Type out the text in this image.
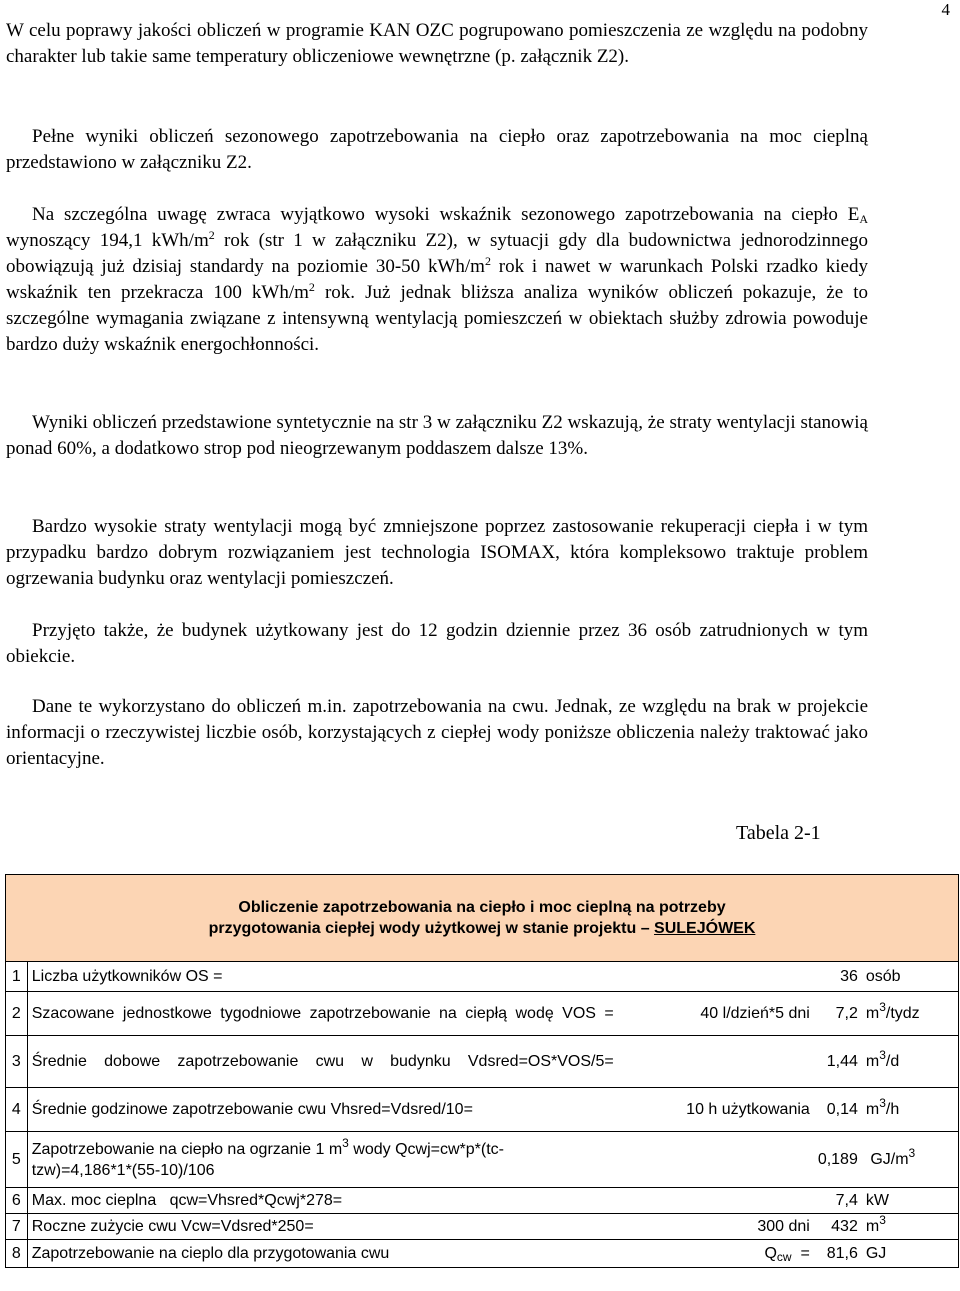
4
W celu poprawy jakości obliczeń w programie KAN OZC pogrupowano pomieszczenia ze względu na podobny charakter lub takie same temperatury obliczeniowe wewnętrzne (p. załącznik Z2).
Pełne wyniki obliczeń sezonowego zapotrzebowania na ciepło oraz zapotrzebowania na moc cieplną przedstawiono w załączniku Z2.
Na szczególna uwagę zwraca wyjątkowo wysoki wskaźnik sezonowego zapotrzebowania na ciepło $E_A$ wynoszący 194,1 kWh/$m^2$ rok (str 1 w załączniku Z2), w sytuacji gdy dla budownictwa jednorodzinnego obowiązują już dzisiaj standardy na poziomie 30-50 kWh/$m^2$ rok i nawet w warunkach Polski rzadko kiedy wskaźnik ten przekracza 100 kWh/$m^2$ rok. Już jednak bliższa analiza wyników obliczeń pokazuje, że to szczególne wymagania związane z intensywną wentylacją pomieszczeń w obiektach służby zdrowia powoduje bardzo duży wskaźnik energochłonności.
Wyniki obliczeń przedstawione syntetycznie na str 3 w załączniku Z2 wskazują, że straty wentylacji stanowią ponad 60%, a dodatkowo strop pod nieogrzewanym poddaszem dalsze 13%.
Bardzo wysokie straty wentylacji mogą być zmniejszone poprzez zastosowanie rekuperacji ciepła i w tym przypadku bardzo dobrym rozwiązaniem jest technologia ISOMAX, która kompleksowo traktuje problem ogrzewania budynku oraz wentylacji pomieszczeń.
Przyjęto także, że budynek użytkowany jest do 12 godzin dziennie przez 36 osób zatrudnionych w tym obiekcie.
Dane te wykorzystano do obliczeń m.in. zapotrzebowania na cwu. Jednak, ze względu na brak w projekcie informacji o rzeczywistej liczbie osób, korzystających z ciepłej wody poniższe obliczenia należy traktować jako orientacyjne.
Tabela 2-1
Obliczenie zapotrzebowania na ciepło i moc cieplną na potrzeby
przygotowania ciepłej wody użytkowej w stanie projektu – SULEJÓWEK				

1	Liczba użytkowników OS =		36	osób
2	Szacowane jednostkowe tygodniowe zapotrzebowanie na ciepłą wodę VOS =	40 l/dzień*5 dni	7,2	$m^3$/tydz
3	Średnie dobowe zapotrzebowanie cwu w budynku Vdsred=OS*VOS/5=		1,44	$m^3/d$
4	Średnie godzinowe zapotrzebowanie cwu Vhsred=Vdsred/10=	10 h użytkowania	0,14	$m^3/h$
5	Zapotrzebowanie na ciepło na ogrzanie 1 $m^3$ wody Qcwj=cw*p*(tc-tzw)=4,186*1*(55-10)/106		0,189	$GJ/m^3$
6	Max. moc cieplna   qcw=Vhsred*Qcwj*278=		7,4	kW
7	Roczne zużycie cwu Vcw=Vdsred*250=	300 dni	432	$m^3$
8	Zapotrzebowanie na cieplo dla przygotowania cwu	$Q_{cw}$  =	81,6	GJ
